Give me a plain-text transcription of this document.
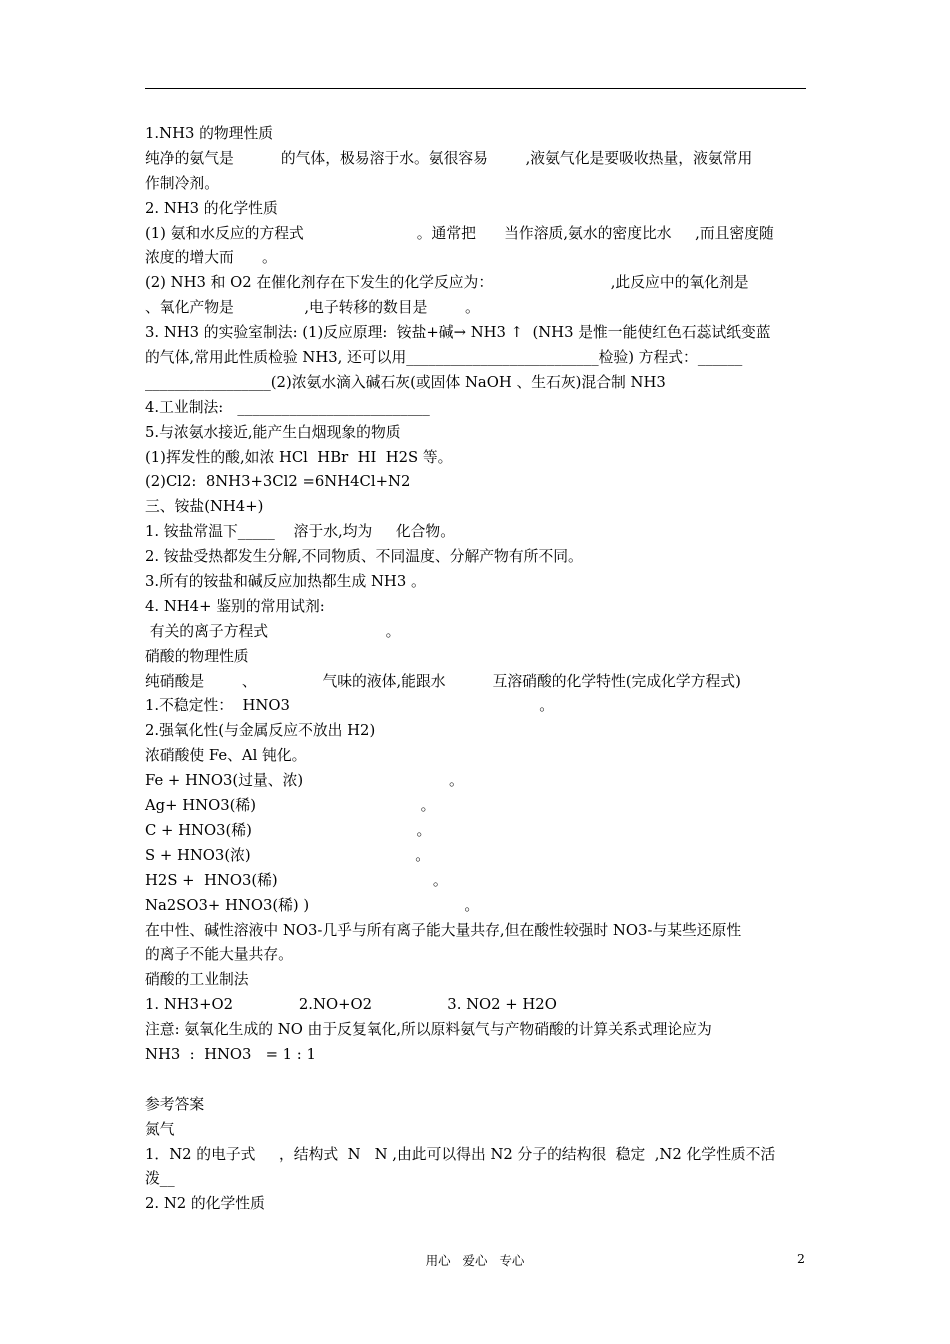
1.NH3 的物理性质
纯净的氨气是          的气体，极易溶于水。氨很容易        ,液氨气化是要吸收热量，液氨常用
作制冷剂。
2. NH3 的化学性质
(1) 氨和水反应的方程式                        。通常把      当作溶质,氨水的密度比水     ,而且密度随
浓度的增大而      。
(2) NH3 和 O2 在催化剂存在下发生的化学反应为：                         ,此反应中的氧化剂是
、氧化产物是               ,电子转移的数目是        。
3. NH3 的实验室制法: (1)反应原理:  铵盐+碱→ NH3 ↑  (NH3 是惟一能使红色石蕊试纸变蓝
的气体,常用此性质检验 NH3, 还可以用__________________________检验) 方程式：______
_________________(2)浓氨水滴入碱石灰(或固体 NaOH 、生石灰)混合制 NH3
4.工业制法:   __________________________
5.与浓氨水接近,能产生白烟现象的物质
(1)挥发性的酸,如浓 HCl  HBr  HI  H2S 等。
(2)Cl2:  8NH3+3Cl2 =6NH4Cl+N2
三、铵盐(NH4+)
1. 铵盐常温下_____    溶于水,均为     化合物。
2. 铵盐受热都发生分解,不同物质、不同温度、分解产物有所不同。
3.所有的铵盐和碱反应加热都生成 NH3 。
4. NH4+ 鉴别的常用试剂:
有关的离子方程式                         。
硝酸的物理性质
纯硝酸是        、              气味的液体,能跟水          互溶硝酸的化学特性(完成化学方程式)
1.不稳定性：  HNO3                                                     。
2.强氧化性(与金属反应不放出 H2)
浓硝酸使 Fe、Al 钝化。
Fe + HNO3(过量、浓)                               。
Ag+ HNO3(稀)                                   。
C + HNO3(稀)                                   。
S + HNO3(浓)                                   。
H2S +  HNO3(稀)                                 。
Na2SO3+ HNO3(稀) )                                 。
在中性、碱性溶液中 NO3-几乎与所有离子能大量共存,但在酸性较强时 NO3-与某些还原性
的离子不能大量共存。
硝酸的工业制法
1. NH3+O2              2.NO+O2                3. NO2 + H2O
注意: 氨氧化生成的 NO 由于反复氧化,所以原料氨气与产物硝酸的计算关系式理论应为
NH3  :  HNO3   = 1 : 1
参考答案
氮气
1．N2 的电子式     ，结构式  N   N ,由此可以得出 N2 分子的结构很  稳定  ,N2 化学性质不活
泼__
2. N2 的化学性质
用心   爱心   专心	2
